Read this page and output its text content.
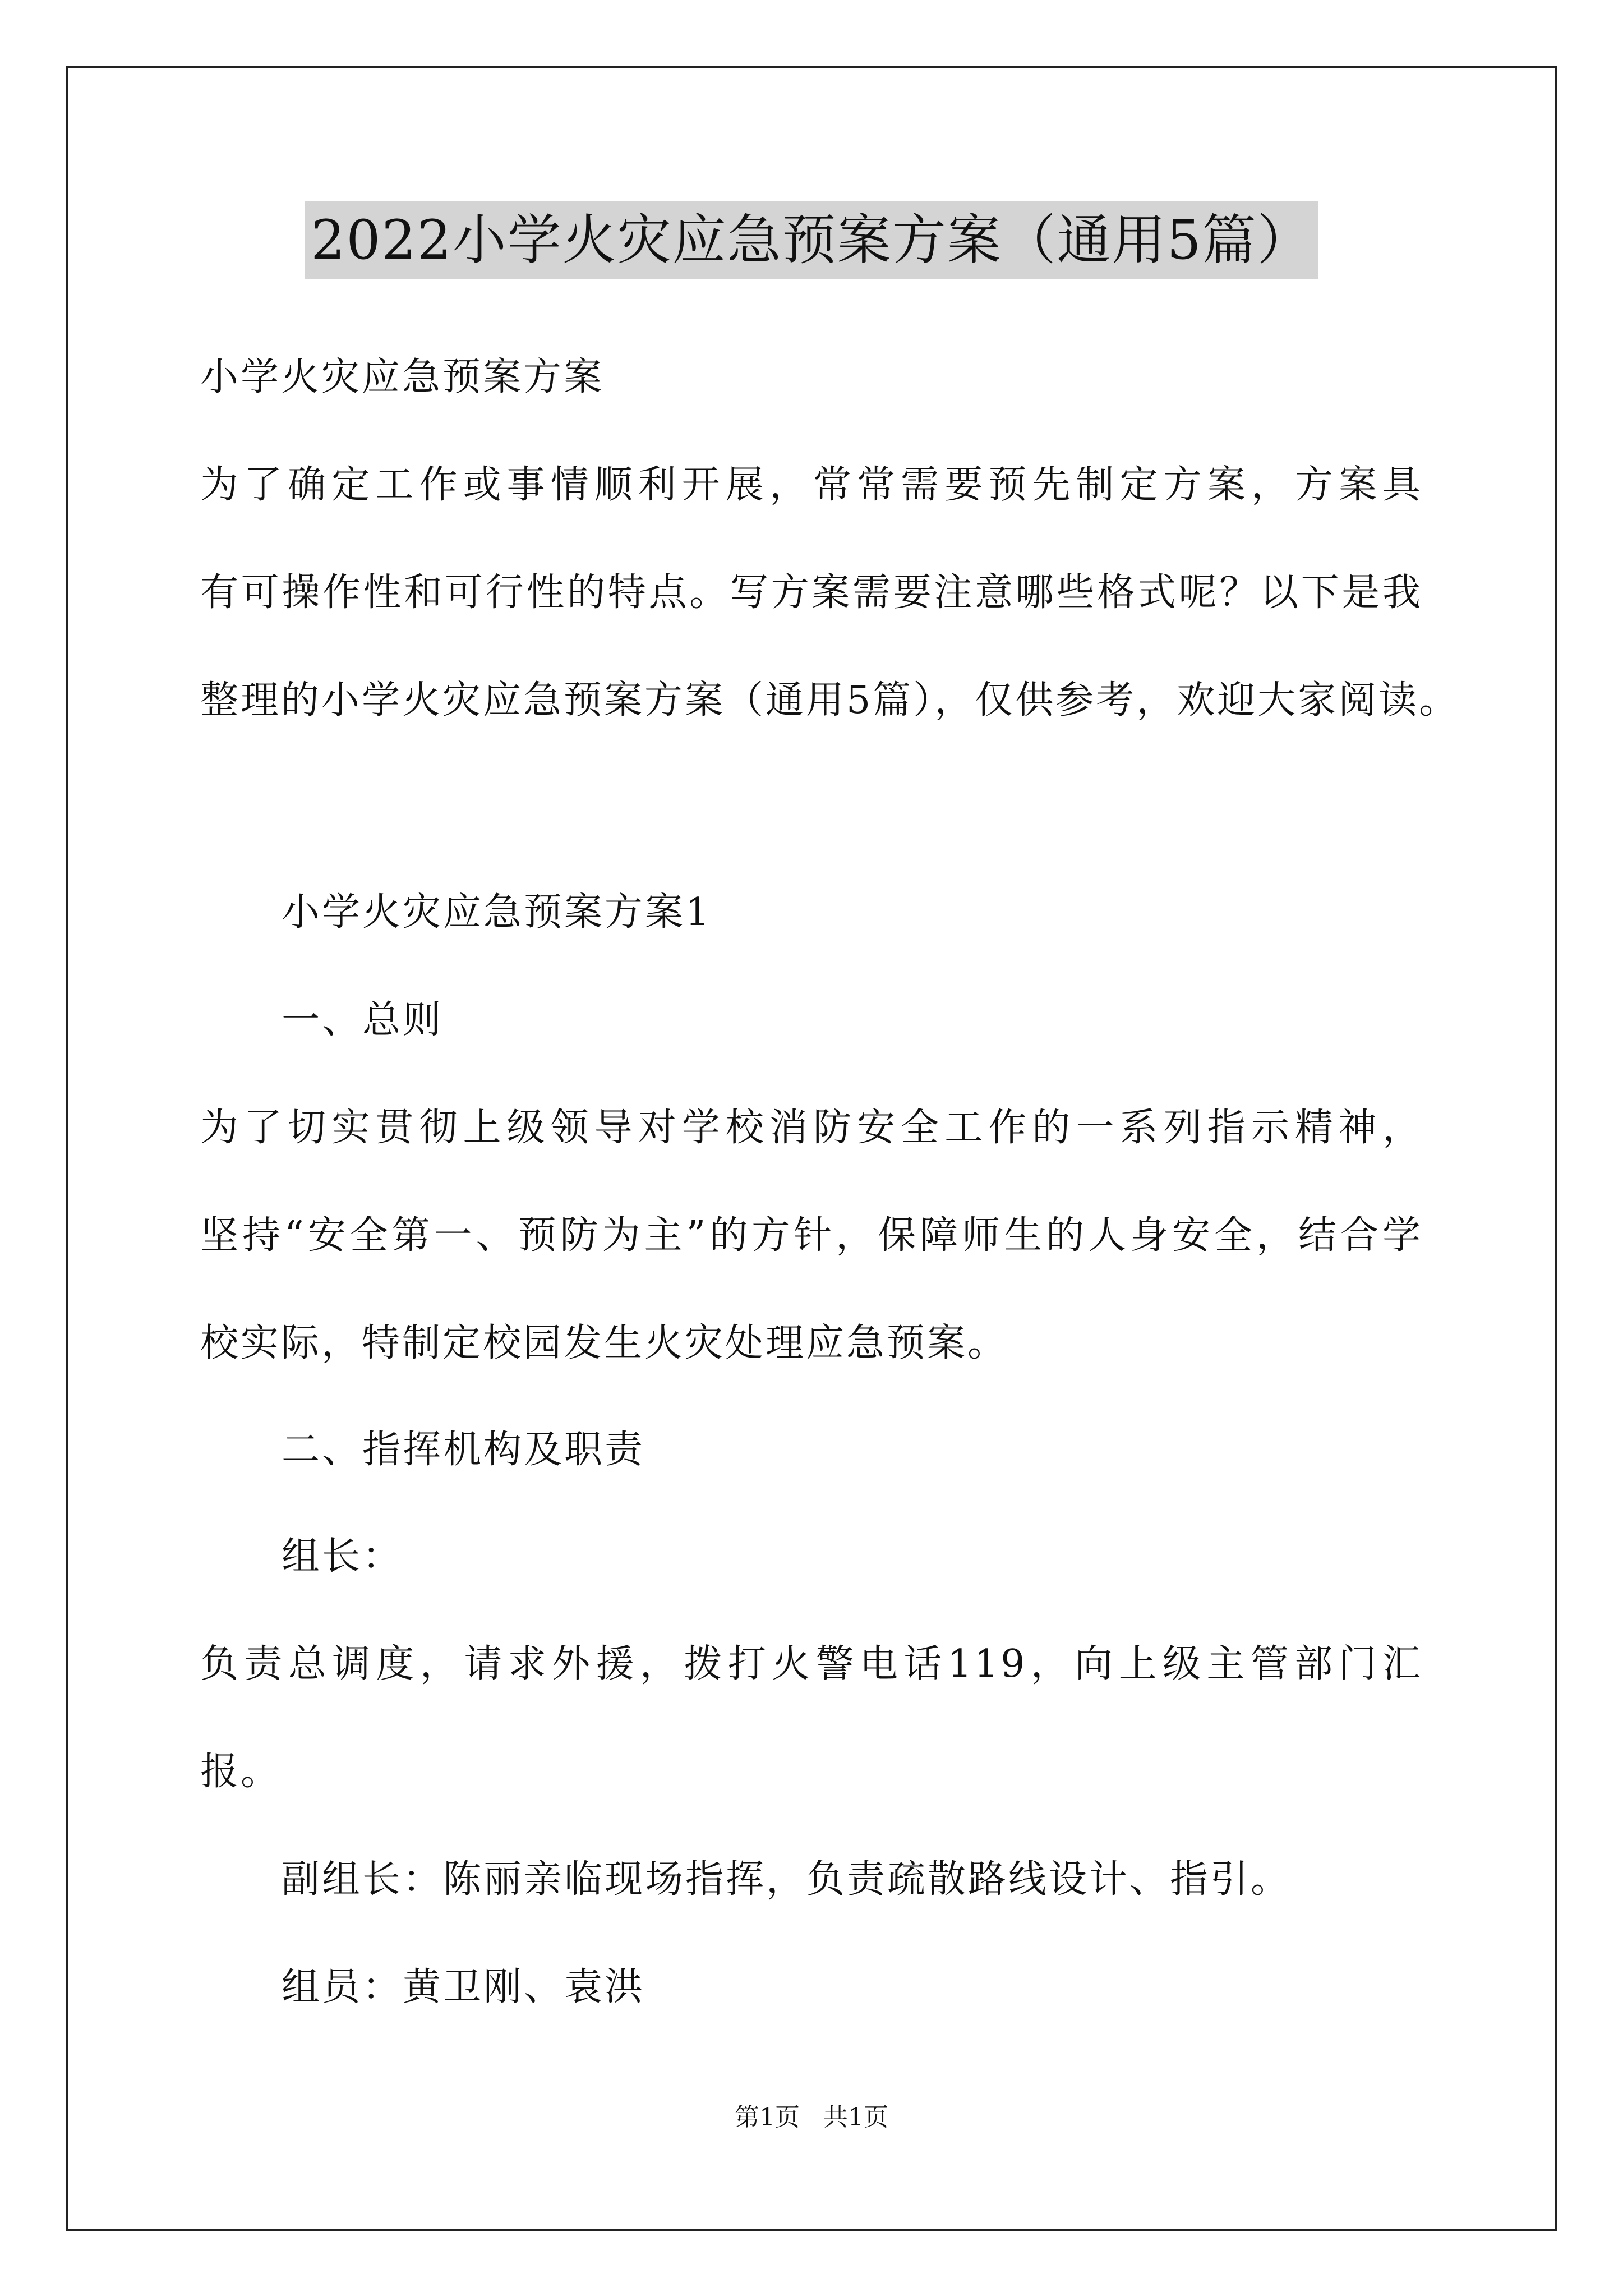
2022小学火灾应急预案方案（通用5篇）
小学火灾应急预案方案
为了确定工作或事情顺利开展，常常需要预先制定方案，方案具
有可操作性和可行性的特点。写方案需要注意哪些格式呢？以下是我
整理的小学火灾应急预案方案（通用5篇），仅供参考，欢迎大家阅读。
小学火灾应急预案方案1
一、总则
为了切实贯彻上级领导对学校消防安全工作的一系列指示精神，
坚持“安全第一、预防为主”的方针，保障师生的人身安全，结合学
校实际，特制定校园发生火灾处理应急预案。
二、指挥机构及职责
组长：
负责总调度，请求外援，拨打火警电话119，向上级主管部门汇
报。
副组长：陈丽亲临现场指挥，负责疏散路线设计、指引。
组员：黄卫刚、袁洪
第1页   共1页
